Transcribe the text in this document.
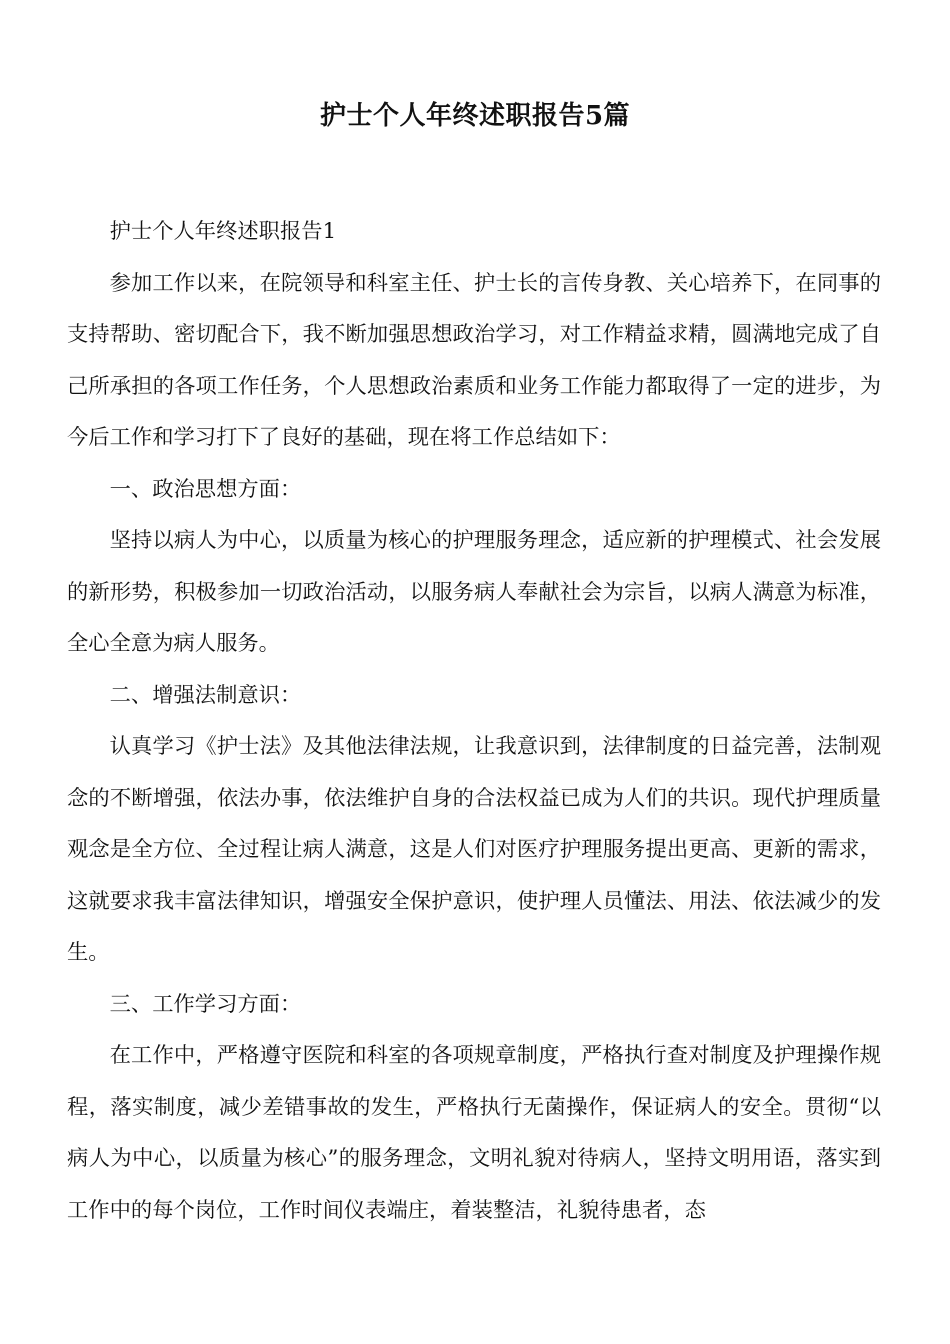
护士个人年终述职报告5篇

护士个人年终述职报告1

参加工作以来，在院领导和科室主任、护士长的言传身教、关心培养下，在同事的支持帮助、密切配合下，我不断加强思想政治学习，对工作精益求精，圆满地完成了自己所承担的各项工作任务，个人思想政治素质和业务工作能力都取得了一定的进步，为今后工作和学习打下了良好的基础，现在将工作总结如下：

一、政治思想方面：

坚持以病人为中心，以质量为核心的护理服务理念，适应新的护理模式、社会发展的新形势，积极参加一切政治活动，以服务病人奉献社会为宗旨，以病人满意为标准，全心全意为病人服务。

二、增强法制意识：

认真学习《护士法》及其他法律法规，让我意识到，法律制度的日益完善，法制观念的不断增强，依法办事，依法维护自身的合法权益已成为人们的共识。现代护理质量观念是全方位、全过程让病人满意，这是人们对医疗护理服务提出更高、更新的需求，这就要求我丰富法律知识，增强安全保护意识，使护理人员懂法、用法、依法减少的发生。

三、工作学习方面：

在工作中，严格遵守医院和科室的各项规章制度，严格执行查对制度及护理操作规程，落实制度，减少差错事故的发生，严格执行无菌操作，保证病人的安全。贯彻“以病人为中心，以质量为核心”的服务理念，文明礼貌对待病人，坚持文明用语，落实到工作中的每个岗位，工作时间仪表端庄，着装整洁，礼貌待患者，态
